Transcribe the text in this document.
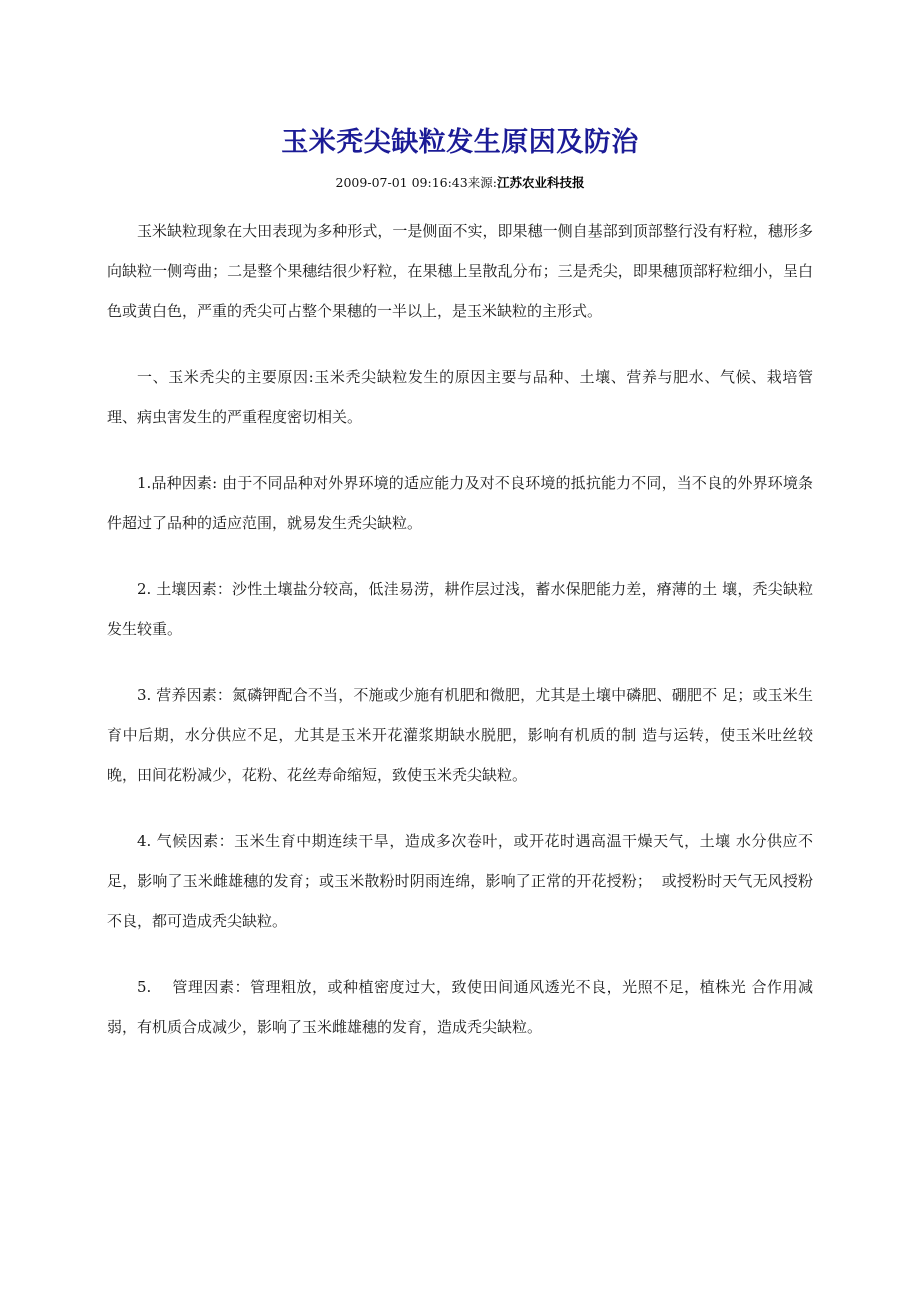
玉米秃尖缺粒发生原因及防治
2009-07-01 09:16:43来源:江苏农业科技报

玉米缺粒现象在大田表现为多种形式，一是侧面不实，即果穗一侧自基部到顶部整行没有籽粒，穗形多向缺粒一侧弯曲；二是整个果穗结很少籽粒，在果穗上呈散乱分布；三是秃尖，即果穗顶部籽粒细小，呈白色或黄白色，严重的秃尖可占整个果穗的一半以上，是玉米缺粒的主形式。

一、玉米秃尖的主要原因:玉米秃尖缺粒发生的原因主要与品种、土壤、营养与肥水、气候、栽培管理、病虫害发生的严重程度密切相关。

1.品种因素: 由于不同品种对外界环境的适应能力及对不良环境的抵抗能力不同，当不良的外界环境条件超过了品种的适应范围，就易发生秃尖缺粒。

2. 土壤因素：沙性土壤盐分较高，低洼易涝，耕作层过浅，蓄水保肥能力差，瘠薄的土 壤，秃尖缺粒发生较重。

3. 营养因素：氮磷钾配合不当，不施或少施有机肥和微肥，尤其是土壤中磷肥、硼肥不 足；或玉米生育中后期，水分供应不足，尤其是玉米开花灌浆期缺水脱肥，影响有机质的制 造与运转，使玉米吐丝较晚，田间花粉减少，花粉、花丝寿命缩短，致使玉米秃尖缺粒。

4. 气候因素：玉米生育中期连续干旱，造成多次卷叶，或开花时遇高温干燥天气，土壤 水分供应不足，影响了玉米雌雄穗的发育；或玉米散粉时阴雨连绵，影响了正常的开花授粉；  或授粉时天气无风授粉不良，都可造成秃尖缺粒。

5.    管理因素：管理粗放，或种植密度过大，致使田间通风透光不良，光照不足，植株光 合作用减弱，有机质合成减少，影响了玉米雌雄穗的发育，造成秃尖缺粒。
